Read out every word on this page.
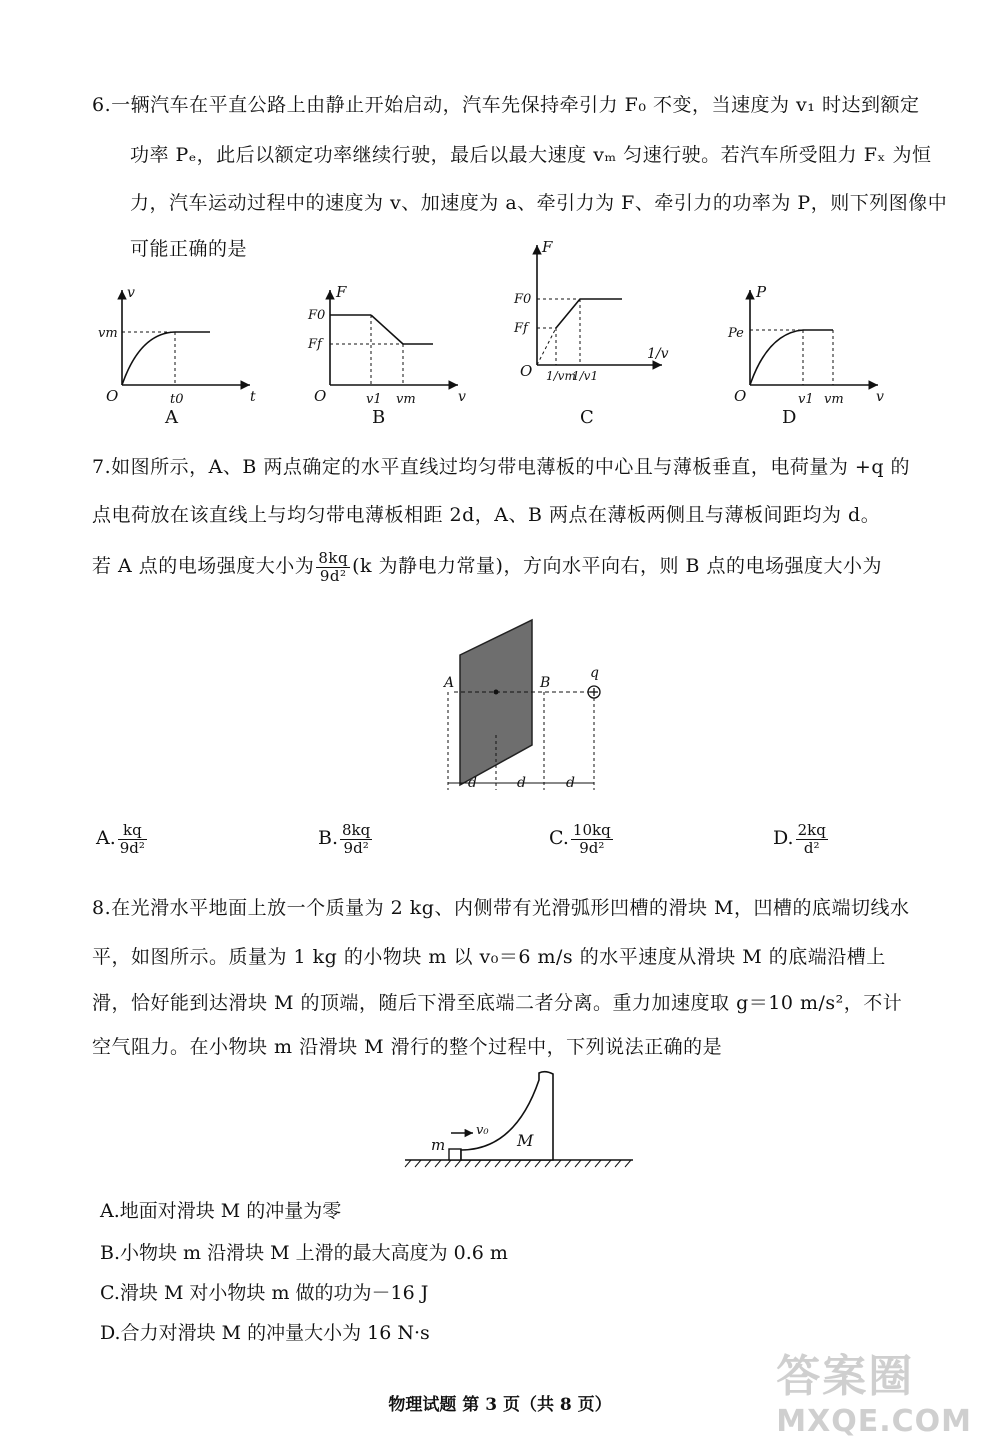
6.一辆汽车在平直公路上由静止开始启动，汽车先保持牵引力 F₀ 不变，当速度为 v₁ 时达到额定
功率 Pₑ，此后以额定功率继续行驶，最后以最大速度 vₘ 匀速行驶。若汽车所受阻力 Fₓ 为恒
力，汽车运动过程中的速度为 v、加速度为 a、牵引力为 F、牵引力的功率为 P，则下列图像中
可能正确的是
v
vm
O	t0	t
A
F
F0
Ff
O	v1 vm	v
B
F
F0
Ff
O 1/vm
1/v1
1/v
C
P
Pe
O	v1 vm v
D
7.如图所示，A、B 两点确定的水平直线过均匀带电薄板的中心且与薄板垂直，电荷量为 +q 的
点电荷放在该直线上与均匀带电薄板相距 2d，A、B 两点在薄板两侧且与薄板间距均为 d。
若 A 点的电场强度大小为 $\frac{8kq}{\text{9d²}} (k$ 为静电力常量)，方向水平向右，则 B 点的电场强度大小为
A	B
q
d	d	d
A. $\frac{kq}{\text{9d²}}$	B. $\frac{8kq}{\text{9d²}}$	C. $\frac{10kq}{\text{9d²}}$	D. $\frac{2kq}{\text{d²}}$
8.在光滑水平地面上放一个质量为 2 kg、内侧带有光滑弧形凹槽的滑块 M，凹槽的底端切线水
平，如图所示。质量为 1 kg 的小物块 m 以 v₀＝6 m/s 的水平速度从滑块 M 的底端沿槽上
滑，恰好能到达滑块 M 的顶端，随后下滑至底端二者分离。重力加速度取 g＝10 m/s²，不计
空气阻力。在小物块 m 沿滑块 M 滑行的整个过程中，下列说法正确的是
m
v₀
M
A.地面对滑块 M 的冲量为零
B.小物块 m 沿滑块 M 上滑的最大高度为 0.6 m
C.滑块 M 对小物块 m 做的功为－16 J
D.合力对滑块 M 的冲量大小为 16 N·s
物理试题 第 3 页（共 8 页）
答案圈
MXQE.COM
